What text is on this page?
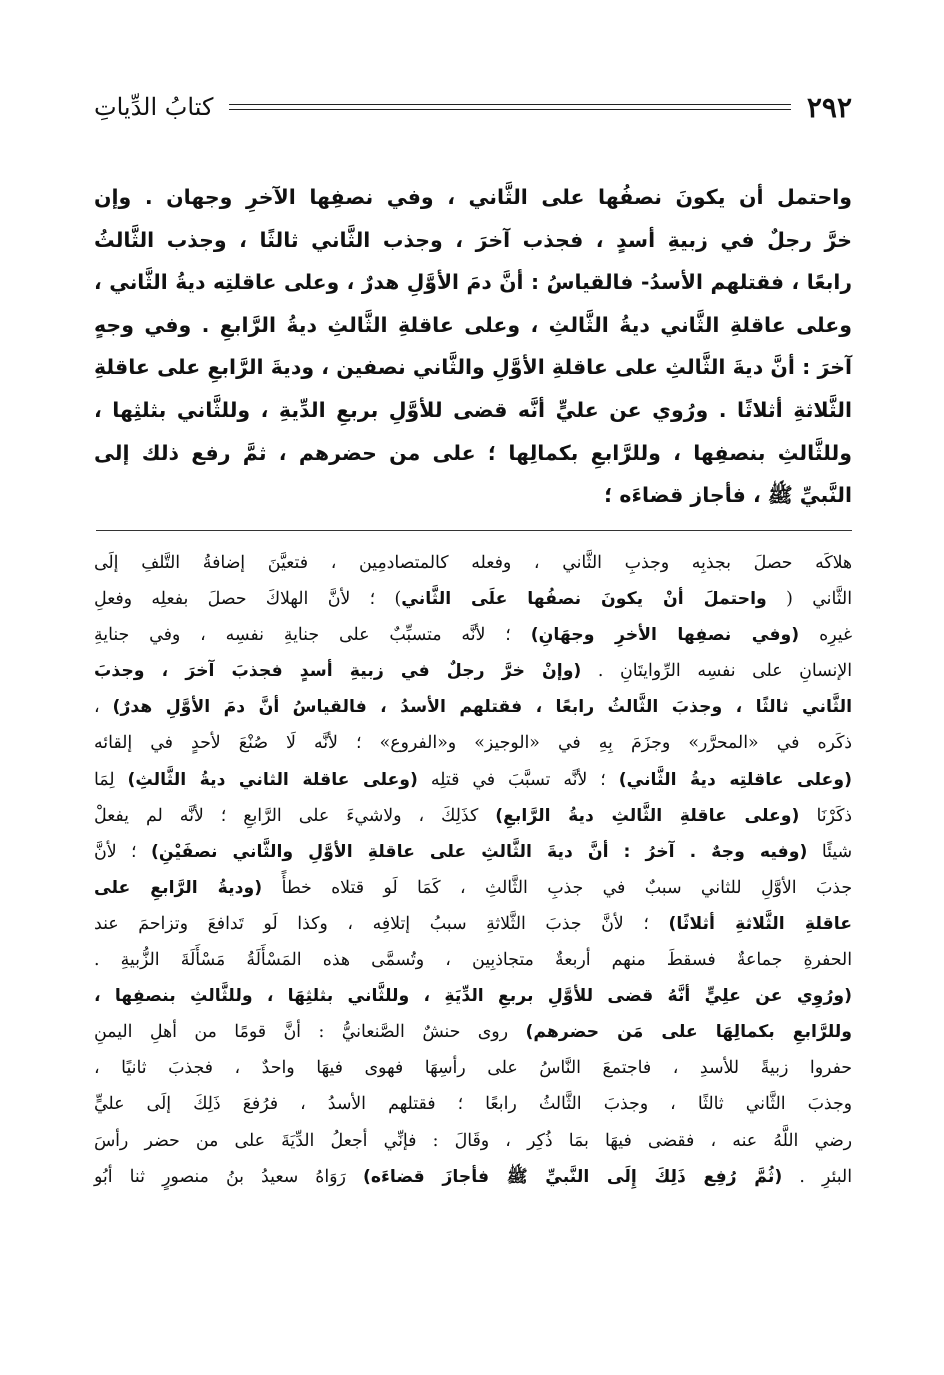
كتابُ الدِّياتِ	٢٩٢
واحتمل أن يكونَ نصفُها على الثَّاني ، وفي نصفِها الآخرِ وجهان . وإن
خرَّ رجلٌ في زبيةِ أسدٍ ، فجذب آخرَ ، وجذب الثَّاني ثالثًا ، وجذب الثَّالثُ
رابعًا ، فقتلهم الأسدُ- فالقياسُ : أنَّ دمَ الأوَّلِ هدرٌ ، وعلى عاقلتِه ديةُ الثَّاني ،
وعلى عاقلةِ الثَّاني ديةُ الثَّالثِ ، وعلى عاقلةِ الثَّالثِ ديةُ الرَّابعِ . وفي وجهٍ
آخرَ : أنَّ ديةَ الثَّالثِ على عاقلةِ الأوَّلِ والثَّاني نصفين ، وديةَ الرَّابعِ على عاقلةِ
الثَّلاثةِ أثلاثًا . ورُوي عن عليٍّ أنَّه قضى للأوَّلِ بربعِ الدِّيةِ ، وللثَّاني بثلثِها ،
وللثَّالثِ بنصفِها ، وللرَّابعِ بكمالِها ؛ على من حضرهم ، ثمَّ رفع ذلك إلى
النَّبيِّ ﷺ ، فأجاز قضاءَه ؛
هلاكَه حصلَ بجذبِه وجذبِ الثَّاني ، وفعله كالمتصادمِين ، فتعيَّنَ إضافةُ التَّلفِ إلَى
الثَّاني ( واحتملَ أنْ يكونَ نصفُها علَى الثَّاني) ؛ لأنَّ الهلاكَ حصلَ بفعلِه وفعلِ
غيرِه (وفي نصفِها الأخرِ وجهَانِ) ؛ لأنَّه متسبِّبٌ على جنايةِ نفسِه ، وفي جنايةِ
الإنسانِ على نفسِه الرِّوايتَانِ . (وإنْ خرَّ رجلٌ في زبيةِ أسدٍ فجذبَ آخرَ ، وجذبَ
الثَّاني ثالثًا ، وجذبَ الثَّالثُ رابعًا ، فقتلهم الأسدُ ، فالقياسُ أنَّ دمَ الأوَّلِ هدرٌ) ،
ذكَره في «المحرَّر» وجزَمَ بِهِ في «الوجيز» و«الفروع» ؛ لأنَّه لَا صُنْعَ لأحدٍ في إلقائه
(وعلى عاقلتِه ديةُ الثَّاني) ؛ لأنَّه تسبَّبَ في قتلِه (وعلى عاقلة الثاني ديةُ الثَّالثِ) لِمَا
ذكَرْنَا (وعلى عاقلةِ الثَّالثِ ديةُ الرَّابعِ) كذَلِكَ ، ولاشيءَ على الرَّابعِ ؛ لأنَّه لم يفعلْ
شيئًا (وفيه وجهٌ . آخرُ : أنَّ ديةَ الثَّالثِ على عاقلةِ الأوَّلِ والثَّاني نصفَيْنِ) ؛ لأنَّ
جذبَ الأوَّلِ للثاني سببٌ في جذبِ الثَّالثِ ، كَمَا لَو قتلاه خطأً (وديةُ الرَّابعِ على
عاقلةِ الثَّلاثةِ أثلاثًا) ؛ لأنَّ جذبَ الثَّلاثةِ سببُ إتلافِه ، وكذا لَو تَدافعَ وتزاحمَ عند
الحفرةِ جماعةٌ فسقطَ منهم أربعةٌ متجاذبِين ، وتُسمَّى هذه المَسْأَلَةُ مَسْأَلَةَ الزُّبيةِ .
(ورُوِي عن علِيٍّ أنَّهُ قضى للأوَّلِ بربعِ الدِّيَةِ ، وللثَّاني بثلثِهَا ، وللثَّالثِ بنصفِها ،
وللرَّابعِ بكمالِهَا على مَن حضرهم) روى حنشٌ الصَّنعانيُّ : أنَّ قومًا من أهلِ اليمنِ
حفروا زبيةً للأسدِ ، فاجتمعَ النَّاسُ على رأسِهَا فهوى فيهَا واحدٌ ، فجذبَ ثانيًا ،
وجذبَ الثَّاني ثالثًا ، وجذبَ الثَّالثُ رابعًا ؛ فقتلهم الأسدُ ، فرُفعَ ذَلِكَ إلَى عليٍّ
رضي اللَّهُ عنه ، فقضى فيهَا بمَا ذُكِر ، وقَالَ : فإنِّي أجعلُ الدِّيَةَ على من حضر رأسَ
البئرِ . (ثُمَّ رُفِع ذَلِكَ إِلَى النَّبيِّ ﷺ فأجازَ قضاءَه) رَوَاهُ سعيدُ بنُ منصورٍ ثنا أبُو
